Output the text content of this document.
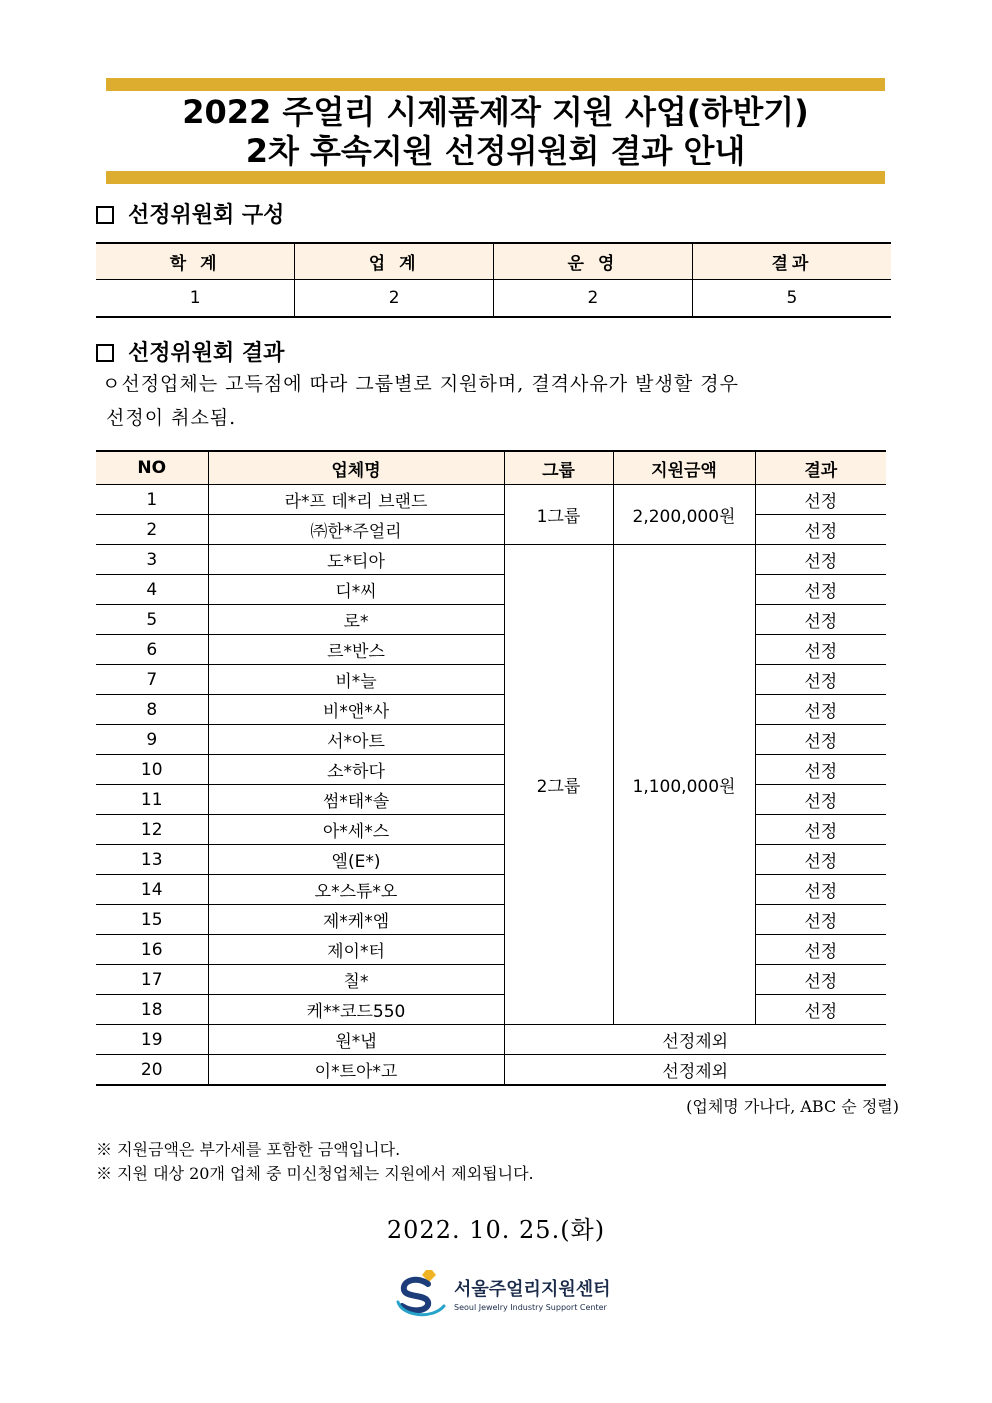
2022 주얼리 시제품제작 지원 사업(하반기)
2차 후속지원 선정위원회 결과 안내
선정위원회 구성
학 계	업 계	운 영	결과
1	2	2	5
선정위원회 결과
ㅇ선정업체는 고득점에 따라 그룹별로 지원하며, 결격사유가 발생할 경우
선정이 취소됨.
NO	업체명	그룹	지원금액	결과
1	라*프 데*리 브랜드	1그룹	2,200,000원	선정
2	㈜한*주얼리			선정
3	도*티아	2그룹	1,100,000원	선정
4	디*씨			선정
5	로*			선정
6	르*반스			선정
7	비*늘			선정
8	비*앤*사			선정
9	서*아트			선정
10	소*하다			선정
11	썸*태*솔			선정
12	아*세*스			선정
13	엘(E*)			선정
14	오*스튜*오			선정
15	제*케*엠			선정
16	제이*터			선정
17	칠*			선정
18	케**코드550			선정
19	원*냅	선정제외		
20	이*트아*고	선정제외		
(업체명 가나다, ABC 순 정렬)
※ 지원금액은 부가세를 포함한 금액입니다.
※ 지원 대상 20개 업체 중 미신청업체는 지원에서 제외됩니다.
2022. 10. 25.(화)
서울주얼리지원센터
Seoul Jewelry Industry Support Center
